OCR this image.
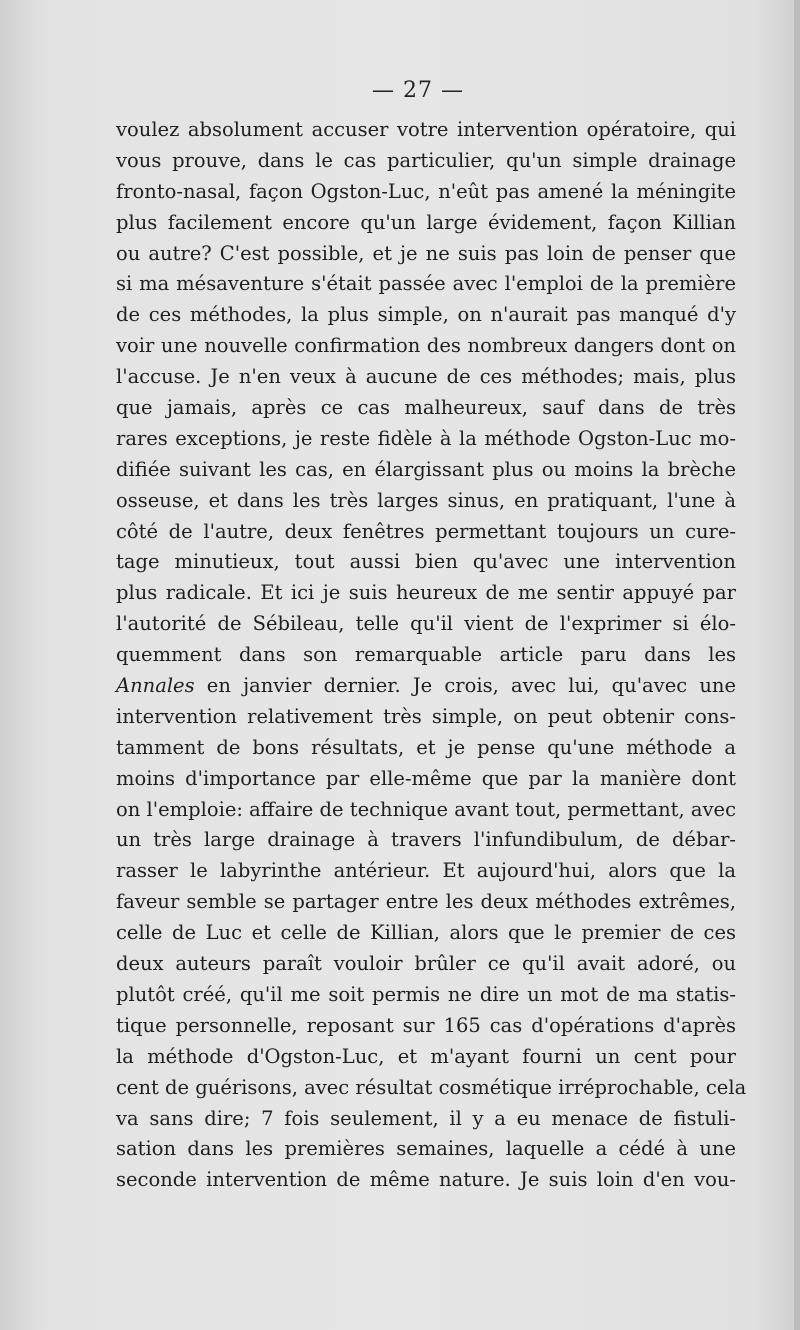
— 27 —
voulez absolument accuser votre intervention opératoire, qui
vous prouve, dans le cas particulier, qu'un simple drainage
fronto-nasal, façon Ogston-Luc, n'eût pas amené la méningite
plus facilement encore qu'un large évidement, façon Killian
ou autre? C'est possible, et je ne suis pas loin de penser que
si ma mésaventure s'était passée avec l'emploi de la première
de ces méthodes, la plus simple, on n'aurait pas manqué d'y
voir une nouvelle confirmation des nombreux dangers dont on
l'accuse. Je n'en veux à aucune de ces méthodes; mais, plus
que jamais, après ce cas malheureux, sauf dans de très
rares exceptions, je reste fidèle à la méthode Ogston-Luc mo-
difiée suivant les cas, en élargissant plus ou moins la brèche
osseuse, et dans les très larges sinus, en pratiquant, l'une à
côté de l'autre, deux fenêtres permettant toujours un cure-
tage minutieux, tout aussi bien qu'avec une intervention
plus radicale. Et ici je suis heureux de me sentir appuyé par
l'autorité de Sébileau, telle qu'il vient de l'exprimer si élo-
quemment dans son remarquable article paru dans les
Annales en janvier dernier. Je crois, avec lui, qu'avec une
intervention relativement très simple, on peut obtenir cons-
tamment de bons résultats, et je pense qu'une méthode a
moins d'importance par elle-même que par la manière dont
on l'emploie: affaire de technique avant tout, permettant, avec
un très large drainage à travers l'infundibulum, de débar-
rasser le labyrinthe antérieur. Et aujourd'hui, alors que la
faveur semble se partager entre les deux méthodes extrêmes,
celle de Luc et celle de Killian, alors que le premier de ces
deux auteurs paraît vouloir brûler ce qu'il avait adoré, ou
plutôt créé, qu'il me soit permis ne dire un mot de ma statis-
tique personnelle, reposant sur 165 cas d'opérations d'après
la méthode d'Ogston-Luc, et m'ayant fourni un cent pour
cent de guérisons, avec résultat cosmétique irréprochable, cela
va sans dire; 7 fois seulement, il y a eu menace de fistuli-
sation dans les premières semaines, laquelle a cédé à une
seconde intervention de même nature. Je suis loin d'en vou-
